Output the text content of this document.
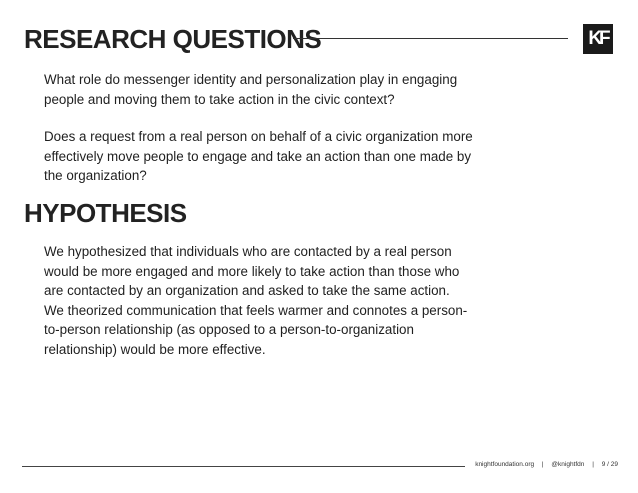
RESEARCH QUESTIONS	KF

What role do messenger identity and personalization play in engaging people and moving them to take action in the civic context?

Does a request from a real person on behalf of a civic organization more effectively move people to engage and take an action than one made by the organization?

HYPOTHESIS

We hypothesized that individuals who are contacted by a real person would be more engaged and more likely to take action than those who are contacted by an organization and asked to take the same action. We theorized communication that feels warmer and connotes a person-to-person relationship (as opposed to a person-to-organization relationship) would be more effective.

knightfoundation.org | @knightfdn | 9 / 29
